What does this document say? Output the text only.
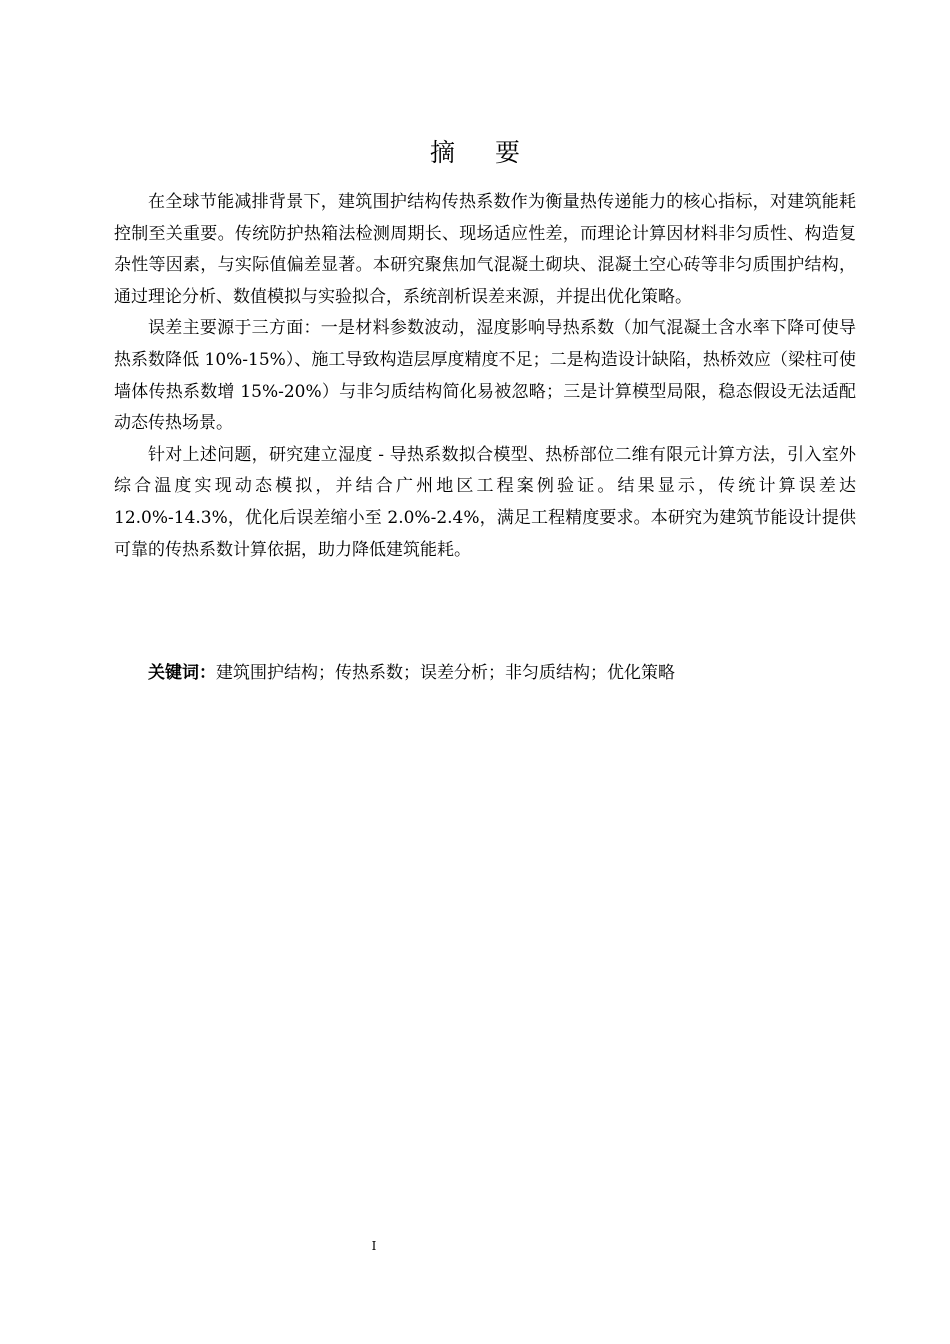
摘 要

在全球节能减排背景下，建筑围护结构传热系数作为衡量热传递能力的核心指标，对建筑能耗控制至关重要。传统防护热箱法检测周期长、现场适应性差，而理论计算因材料非匀质性、构造复杂性等因素，与实际值偏差显著。本研究聚焦加气混凝土砌块、混凝土空心砖等非匀质围护结构，通过理论分析、数值模拟与实验拟合，系统剖析误差来源，并提出优化策略。

误差主要源于三方面：一是材料参数波动，湿度影响导热系数（加气混凝土含水率下降可使导热系数降低 10%-15%）、施工导致构造层厚度精度不足；二是构造设计缺陷，热桥效应（梁柱可使墙体传热系数增 15%-20%）与非匀质结构简化易被忽略；三是计算模型局限，稳态假设无法适配动态传热场景。

针对上述问题，研究建立湿度 - 导热系数拟合模型、热桥部位二维有限元计算方法，引入室外综合温度实现动态模拟，并结合广州地区工程案例验证。结果显示，传统计算误差达 12.0%-14.3%，优化后误差缩小至 2.0%-2.4%，满足工程精度要求。本研究为建筑节能设计提供可靠的传热系数计算依据，助力降低建筑能耗。

关键词：建筑围护结构；传热系数；误差分析；非匀质结构；优化策略
I
